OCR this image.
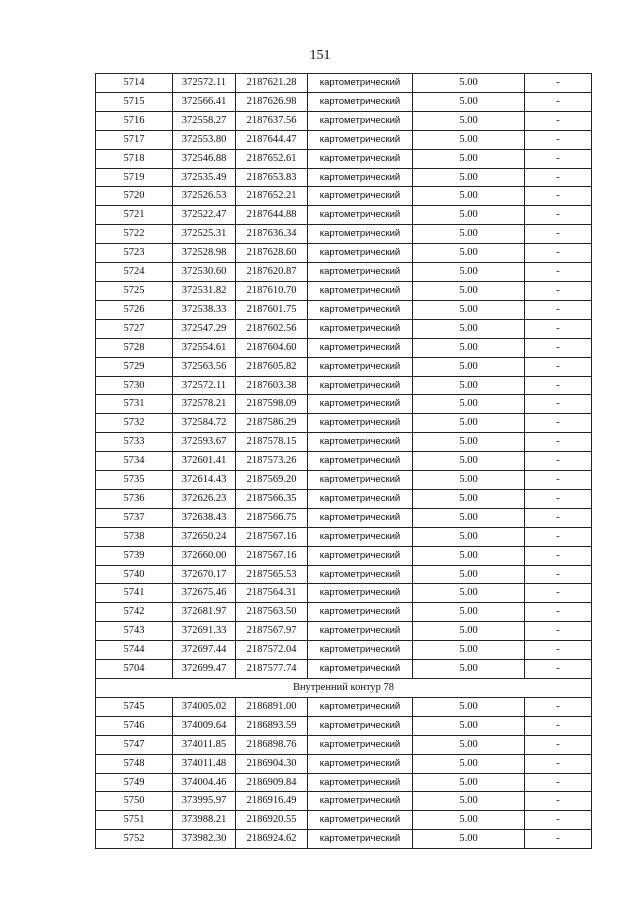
151
5714	372572.11	2187621.28	картометрический	5.00	-
5715	372566.41	2187626.98	картометрический	5.00	-
5716	372558.27	2187637.56	картометрический	5.00	-
5717	372553.80	2187644.47	картометрический	5.00	-
5718	372546.88	2187652.61	картометрический	5.00	-
5719	372535.49	2187653.83	картометрический	5.00	-
5720	372526.53	2187652.21	картометрический	5.00	-
5721	372522.47	2187644.88	картометрический	5.00	-
5722	372525.31	2187636.34	картометрический	5.00	-
5723	372528.98	2187628.60	картометрический	5.00	-
5724	372530.60	2187620.87	картометрический	5.00	-
5725	372531.82	2187610.70	картометрический	5.00	-
5726	372538.33	2187601.75	картометрический	5.00	-
5727	372547.29	2187602.56	картометрический	5.00	-
5728	372554.61	2187604.60	картометрический	5.00	-
5729	372563.56	2187605.82	картометрический	5.00	-
5730	372572.11	2187603.38	картометрический	5.00	-
5731	372578.21	2187598.09	картометрический	5.00	-
5732	372584.72	2187586.29	картометрический	5.00	-
5733	372593.67	2187578.15	картометрический	5.00	-
5734	372601.41	2187573.26	картометрический	5.00	-
5735	372614.43	2187569.20	картометрический	5.00	-
5736	372626.23	2187566.35	картометрический	5.00	-
5737	372638.43	2187566.75	картометрический	5.00	-
5738	372650.24	2187567.16	картометрический	5.00	-
5739	372660.00	2187567.16	картометрический	5.00	-
5740	372670.17	2187565.53	картометрический	5.00	-
5741	372675.46	2187564.31	картометрический	5.00	-
5742	372681.97	2187563.50	картометрический	5.00	-
5743	372691.33	2187567.97	картометрический	5.00	-
5744	372697.44	2187572.04	картометрический	5.00	-
5704	372699.47	2187577.74	картометрический	5.00	-
Внутренний контур 78					
5745	374005.02	2186891.00	картометрический	5.00	-
5746	374009.64	2186893.59	картометрический	5.00	-
5747	374011.85	2186898.76	картометрический	5.00	-
5748	374011.48	2186904.30	картометрический	5.00	-
5749	374004.46	2186909.84	картометрический	5.00	-
5750	373995.97	2186916.49	картометрический	5.00	-
5751	373988.21	2186920.55	картометрический	5.00	-
5752	373982.30	2186924.62	картометрический	5.00	-
